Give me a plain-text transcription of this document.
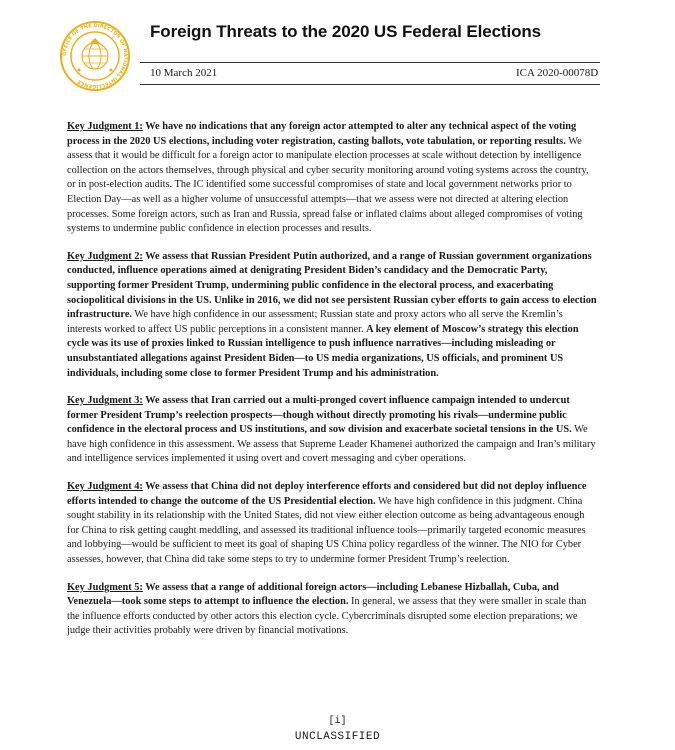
OFFICE OF THE DIRECTOR OF NATIONAL INTELLIGENCE
Foreign Threats to the 2020 US Federal Elections
10 March 2021	ICA 2020-00078D

Key Judgment 1: We have no indications that any foreign actor attempted to alter any technical aspect of the voting process in the 2020 US elections, including voter registration, casting ballots, vote tabulation, or reporting results. We assess that it would be difficult for a foreign actor to manipulate election processes at scale without detection by intelligence collection on the actors themselves, through physical and cyber security monitoring around voting systems across the country, or in post-election audits. The IC identified some successful compromises of state and local government networks prior to Election Day—as well as a higher volume of unsuccessful attempts—that we assess were not directed at altering election processes. Some foreign actors, such as Iran and Russia, spread false or inflated claims about alleged compromises of voting systems to undermine public confidence in election processes and results.

Key Judgment 2: We assess that Russian President Putin authorized, and a range of Russian government organizations conducted, influence operations aimed at denigrating President Biden’s candidacy and the Democratic Party, supporting former President Trump, undermining public confidence in the electoral process, and exacerbating sociopolitical divisions in the US. Unlike in 2016, we did not see persistent Russian cyber efforts to gain access to election infrastructure. We have high confidence in our assessment; Russian state and proxy actors who all serve the Kremlin’s interests worked to affect US public perceptions in a consistent manner. A key element of Moscow’s strategy this election cycle was its use of proxies linked to Russian intelligence to push influence narratives—including misleading or unsubstantiated allegations against President Biden—to US media organizations, US officials, and prominent US individuals, including some close to former President Trump and his administration.

Key Judgment 3: We assess that Iran carried out a multi-pronged covert influence campaign intended to undercut former President Trump’s reelection prospects—though without directly promoting his rivals—undermine public confidence in the electoral process and US institutions, and sow division and exacerbate societal tensions in the US. We have high confidence in this assessment. We assess that Supreme Leader Khamenei authorized the campaign and Iran’s military and intelligence services implemented it using overt and covert messaging and cyber operations.

Key Judgment 4: We assess that China did not deploy interference efforts and considered but did not deploy influence efforts intended to change the outcome of the US Presidential election. We have high confidence in this judgment. China sought stability in its relationship with the United States, did not view either election outcome as being advantageous enough for China to risk getting caught meddling, and assessed its traditional influence tools—primarily targeted economic measures and lobbying—would be sufficient to meet its goal of shaping US China policy regardless of the winner. The NIO for Cyber assesses, however, that China did take some steps to try to undermine former President Trump’s reelection.

Key Judgment 5: We assess that a range of additional foreign actors—including Lebanese Hizballah, Cuba, and Venezuela—took some steps to attempt to influence the election. In general, we assess that they were smaller in scale than the influence efforts conducted by other actors this election cycle. Cybercriminals disrupted some election preparations; we judge their activities probably were driven by financial motivations.

[i]
UNCLASSIFIED
